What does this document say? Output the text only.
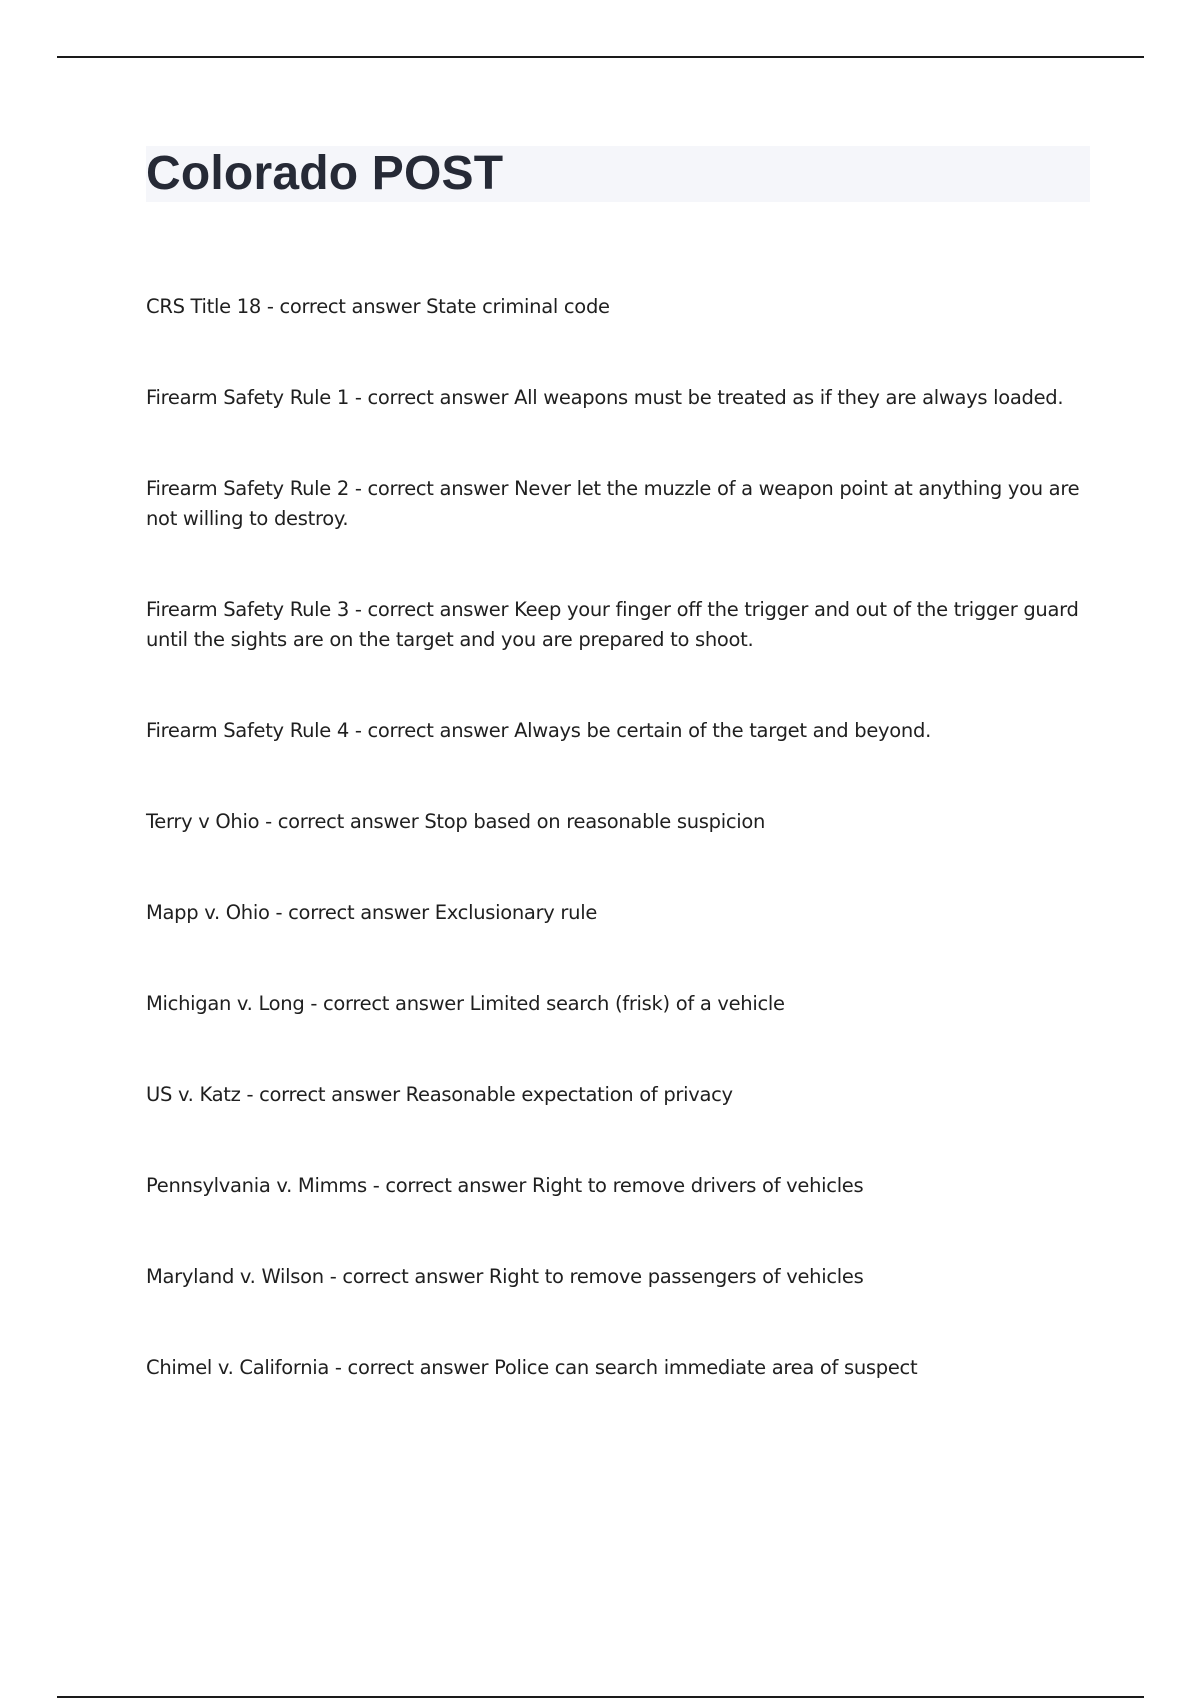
Colorado POST
CRS Title 18 - correct answer State criminal code
Firearm Safety Rule 1 - correct answer All weapons must be treated as if they are always loaded.
Firearm Safety Rule 2 - correct answer Never let the muzzle of a weapon point at anything you are not willing to destroy.
Firearm Safety Rule 3 - correct answer Keep your finger off the trigger and out of the trigger guard until the sights are on the target and you are prepared to shoot.
Firearm Safety Rule 4 - correct answer Always be certain of the target and beyond.
Terry v Ohio - correct answer Stop based on reasonable suspicion
Mapp v. Ohio - correct answer Exclusionary rule
Michigan v. Long - correct answer Limited search (frisk) of a vehicle
US v. Katz - correct answer Reasonable expectation of privacy
Pennsylvania v. Mimms - correct answer Right to remove drivers of vehicles
Maryland v. Wilson - correct answer Right to remove passengers of vehicles
Chimel v. California - correct answer Police can search immediate area of suspect
